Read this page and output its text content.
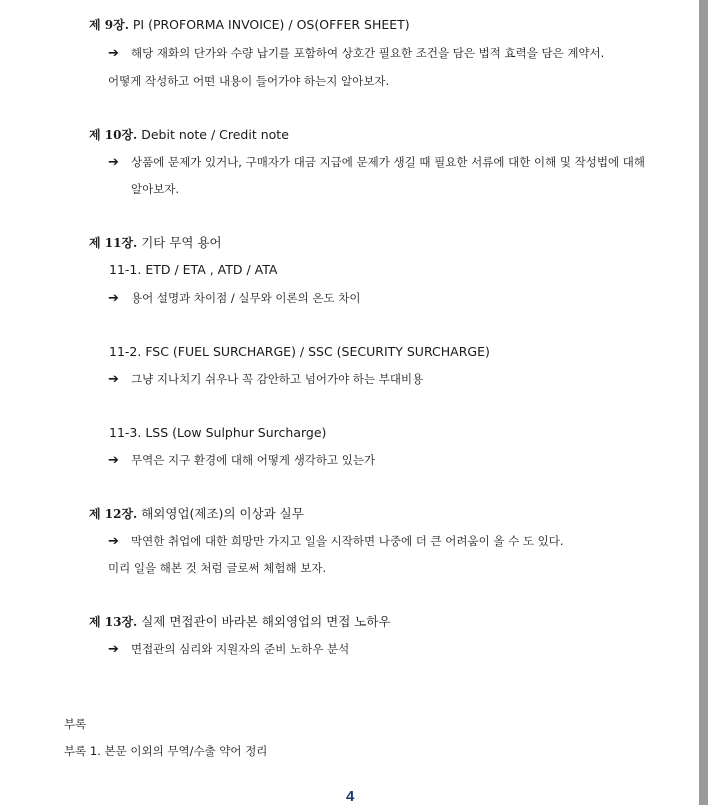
제 9장. PI (PROFORMA INVOICE) / OS(OFFER SHEET)
➔ 해당 재화의 단가와 수량 납기를 포함하여 상호간 필요한 조건을 담은 법적 효력을 담은 계약서.
어떻게 작성하고 어떤 내용이 들어가야 하는지 알아보자.
제 10장. Debit note / Credit note
➔ 상품에 문제가 있거나, 구매자가 대금 지급에 문제가 생길 때 필요한 서류에 대한 이해 및 작성법에 대해
알아보자.
제 11장. 기타 무역 용어
11-1. ETD / ETA , ATD / ATA
➔ 용어 설명과 차이점 / 실무와 이론의 온도 차이
11-2. FSC (FUEL SURCHARGE) / SSC (SECURITY SURCHARGE)
➔ 그냥 지나치기 쉬우나 꼭 감안하고 넘어가야 하는 부대비용
11-3. LSS (Low Sulphur Surcharge)
➔ 무역은 지구 환경에 대해 어떻게 생각하고 있는가
제 12장. 해외영업(제조)의 이상과 실무
➔ 막연한 취업에 대한 희망만 가지고 일을 시작하면 나중에 더 큰 어려움이 올 수 도 있다.
미리 일을 해본 것 처럼 글로써 체험해 보자.
제 13장. 실제 면접관이 바라본 해외영업의 면접 노하우
➔ 면접관의 심리와 지원자의 준비 노하우 분석
부록
부록 1. 본문 이외의 무역/수출 약어 정리
4
